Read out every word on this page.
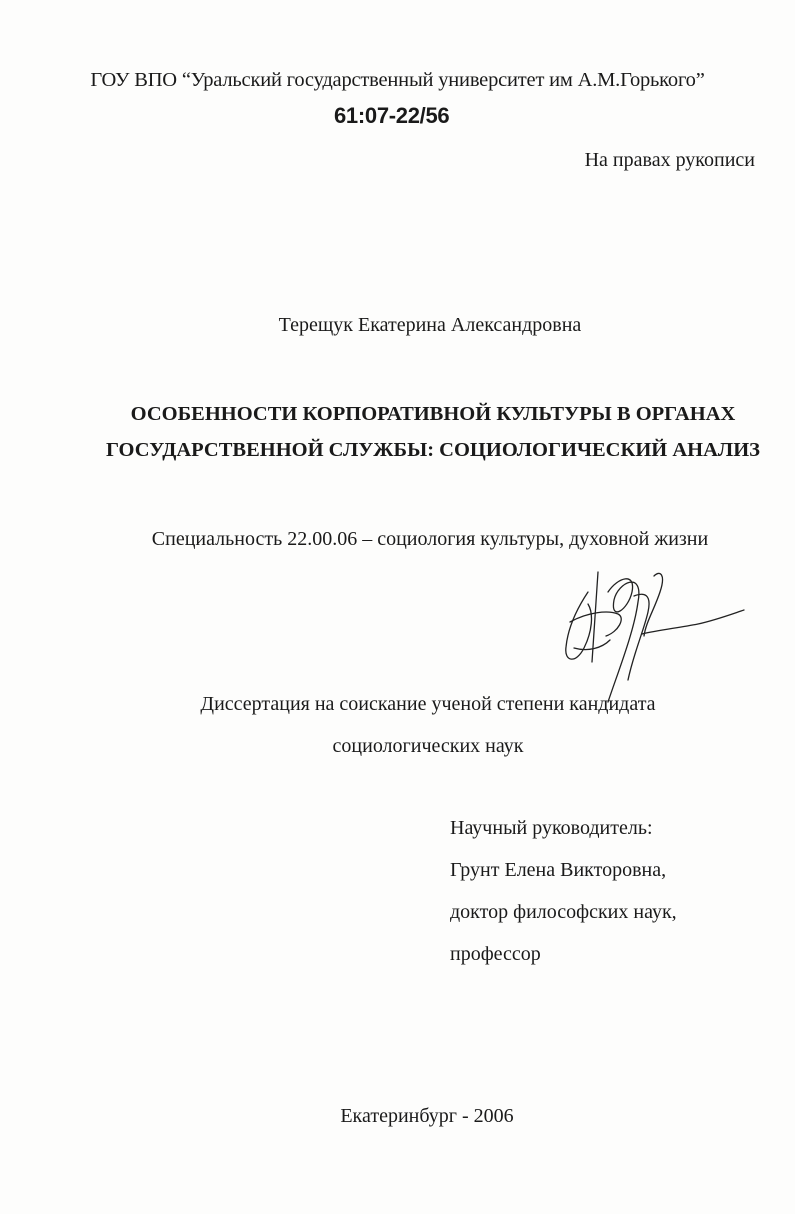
ГОУ ВПО “Уральский государственный университет им А.М.Горького”
61:07-22/56
На правах рукописи
Терещук Екатерина Александровна
ОСОБЕННОСТИ КОРПОРАТИВНОЙ КУЛЬТУРЫ В ОРГАНАХ
ГОСУДАРСТВЕННОЙ СЛУЖБЫ: СОЦИОЛОГИЧЕСКИЙ АНАЛИЗ
Специальность 22.00.06 – социология культуры, духовной жизни
Диссертация на соискание ученой степени кандидата
социологических наук
Научный руководитель:
Грунт Елена Викторовна,
доктор философских наук,
профессор
Екатеринбург - 2006
